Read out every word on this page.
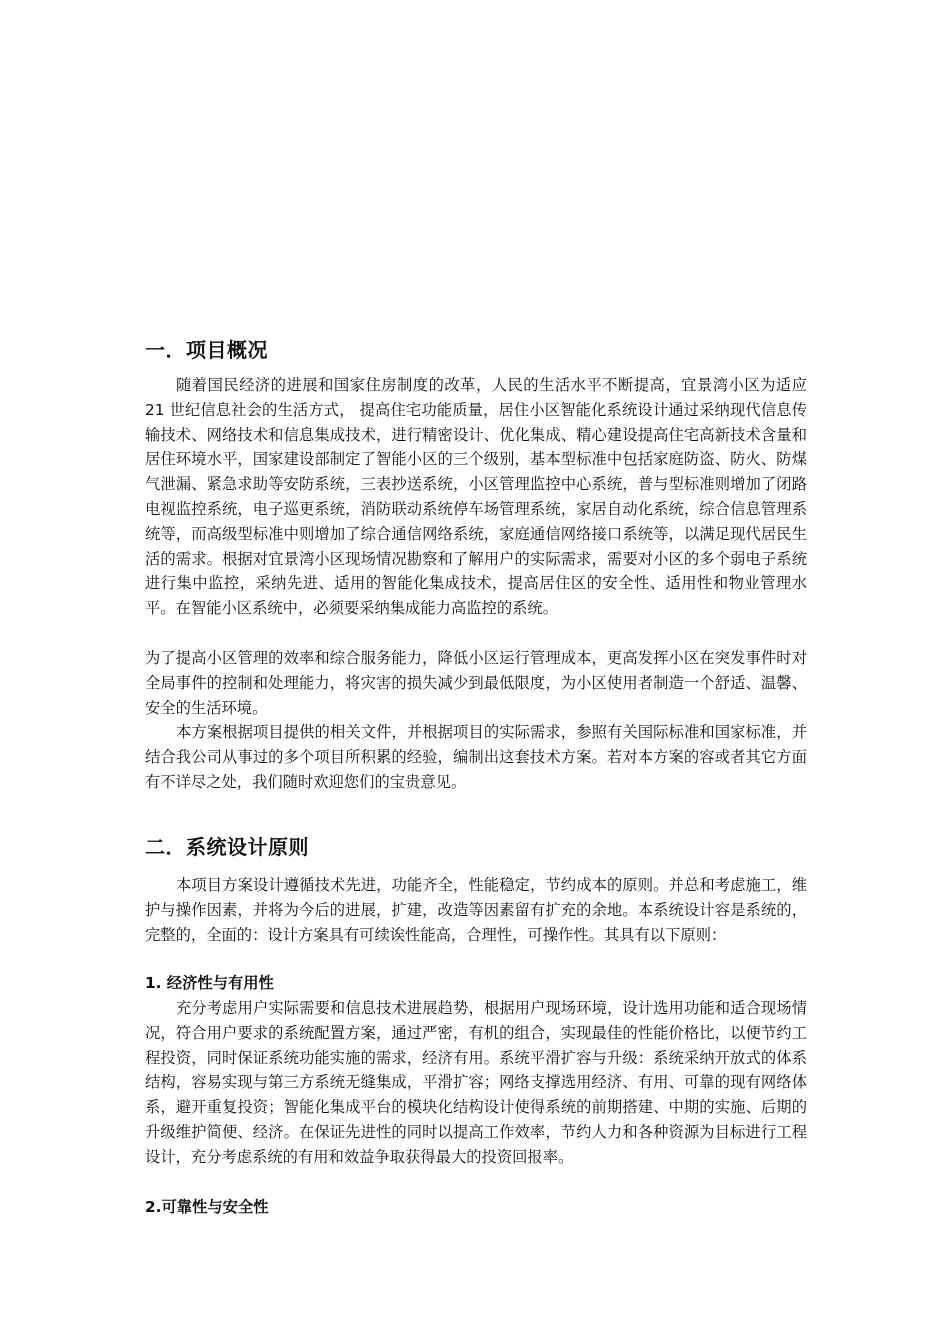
一．项目概况

随着国民经济的进展和国家住房制度的改革，人民的生活水平不断提高，宜景湾小区为适应 21 世纪信息社会的生活方式， 提高住宅功能质量，居住小区智能化系统设计通过采纳现代信息传输技术、网络技术和信息集成技术，进行精密设计、优化集成、精心建设提高住宅高新技术含量和居住环境水平，国家建设部制定了智能小区的三个级别，基本型标准中包括家庭防盗、防火、防煤气泄漏、紧急求助等安防系统，三表抄送系统，小区管理监控中心系统，普与型标准则增加了闭路电视监控系统，电子巡更系统，消防联动系统停车场管理系统，家居自动化系统，综合信息管理系统等，而高级型标准中则增加了综合通信网络系统，家庭通信网络接口系统等，以满足现代居民生活的需求。根据对宜景湾小区现场情况勘察和了解用户的实际需求，需要对小区的多个弱电子系统进行集中监控，采纳先进、适用的智能化集成技术，提高居住区的安全性、适用性和物业管理水平。在智能小区系统中，必须要采纳集成能力高监控的系统。

为了提高小区管理的效率和综合服务能力，降低小区运行管理成本，更高发挥小区在突发事件时对全局事件的控制和处理能力，将灾害的损失减少到最低限度，为小区使用者制造一个舒适、温馨、安全的生活环境。

本方案根据项目提供的相关文件，并根据项目的实际需求，参照有关国际标准和国家标准，并结合我公司从事过的多个项目所积累的经验，编制出这套技术方案。若对本方案的容或者其它方面有不详尽之处，我们随时欢迎您们的宝贵意见。

二．系统设计原则

本项目方案设计遵循技术先进，功能齐全，性能稳定，节约成本的原则。并总和考虑施工，维护与操作因素，并将为今后的进展，扩建，改造等因素留有扩充的余地。本系统设计容是系统的，完整的，全面的：设计方案具有可续诶性能高，合理性，可操作性。其具有以下原则：

1. 经济性与有用性

充分考虑用户实际需要和信息技术进展趋势，根据用户现场环境，设计选用功能和适合现场情况，符合用户要求的系统配置方案，通过严密，有机的组合，实现最佳的性能价格比，以便节约工程投资，同时保证系统功能实施的需求，经济有用。系统平滑扩容与升级：系统采纳开放式的体系结构，容易实现与第三方系统无缝集成，平滑扩容；网络支撑选用经济、有用、可靠的现有网络体系，避开重复投资；智能化集成平台的模块化结构设计使得系统的前期搭建、中期的实施、后期的升级维护简便、经济。在保证先进性的同时以提高工作效率，节约人力和各种资源为目标进行工程设计，充分考虑系统的有用和效益争取获得最大的投资回报率。

2.可靠性与安全性
